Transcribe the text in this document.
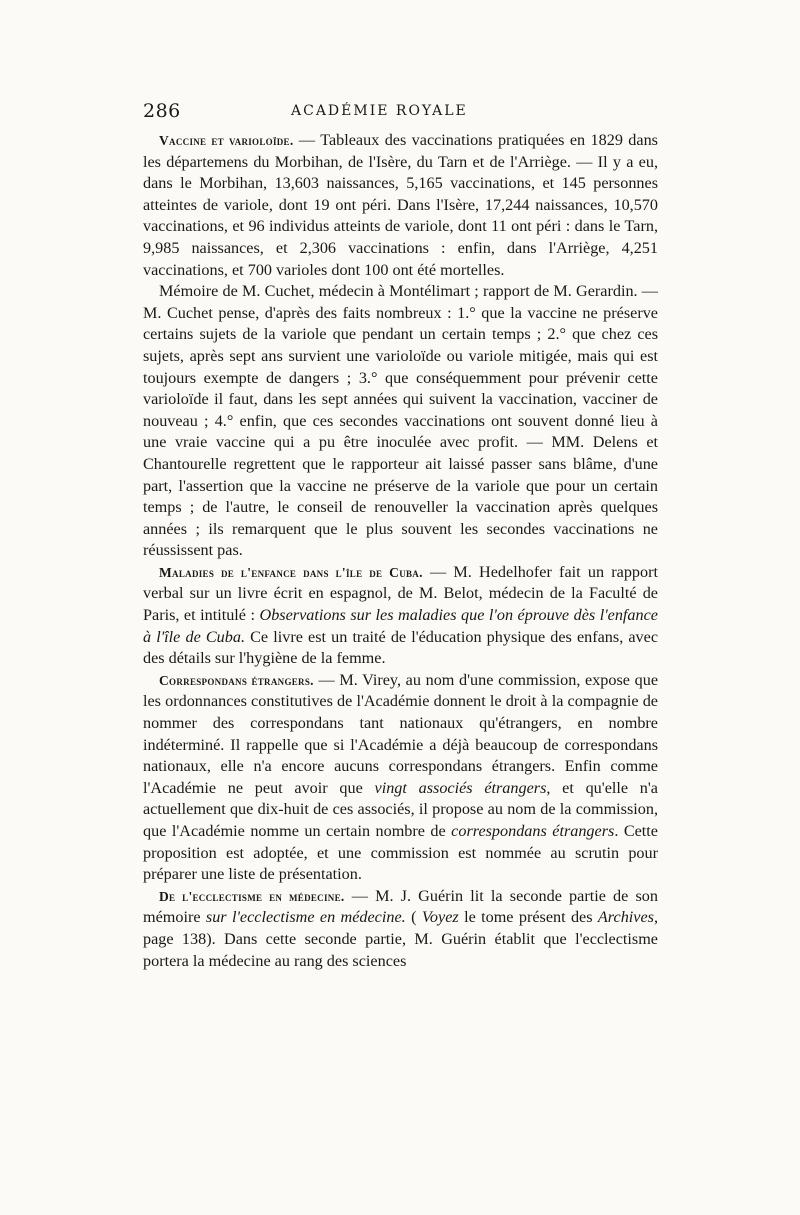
286	ACADÉMIE ROYALE

Vaccine et varioloïde. — Tableaux des vaccinations pratiquées en 1829 dans les départemens du Morbihan, de l'Isère, du Tarn et de l'Arriège. — Il y a eu, dans le Morbihan, 13,603 naissances, 5,165 vaccinations, et 145 personnes atteintes de variole, dont 19 ont péri. Dans l'Isère, 17,244 naissances, 10,570 vaccinations, et 96 individus atteints de variole, dont 11 ont péri : dans le Tarn, 9,985 naissances, et 2,306 vaccinations : enfin, dans l'Arriège, 4,251 vaccinations, et 700 varioles dont 100 ont été mortelles.

Mémoire de M. Cuchet, médecin à Montélimart ; rapport de M. Gerardin. — M. Cuchet pense, d'après des faits nombreux : 1.° que la vaccine ne préserve certains sujets de la variole que pendant un certain temps ; 2.° que chez ces sujets, après sept ans survient une varioloïde ou variole mitigée, mais qui est toujours exempte de dangers ; 3.° que conséquemment pour prévenir cette varioloïde il faut, dans les sept années qui suivent la vaccination, vacciner de nouveau ; 4.° enfin, que ces secondes vaccinations ont souvent donné lieu à une vraie vaccine qui a pu être inoculée avec profit. — MM. Delens et Chantourelle regrettent que le rapporteur ait laissé passer sans blâme, d'une part, l'assertion que la vaccine ne préserve de la variole que pour un certain temps ; de l'autre, le conseil de renouveller la vaccination après quelques années ; ils remarquent que le plus souvent les secondes vaccinations ne réussissent pas.

Maladies de l'enfance dans l'île de Cuba. — M. Hedelhofer fait un rapport verbal sur un livre écrit en espagnol, de M. Belot, médecin de la Faculté de Paris, et intitulé : Observations sur les maladies que l'on éprouve dès l'enfance à l'île de Cuba. Ce livre est un traité de l'éducation physique des enfans, avec des détails sur l'hygiène de la femme.

Correspondans étrangers. — M. Virey, au nom d'une commission, expose que les ordonnances constitutives de l'Académie donnent le droit à la compagnie de nommer des correspondans tant nationaux qu'étrangers, en nombre indéterminé. Il rappelle que si l'Académie a déjà beaucoup de correspondans nationaux, elle n'a encore aucuns correspondans étrangers. Enfin comme l'Académie ne peut avoir que vingt associés étrangers, et qu'elle n'a actuellement que dix-huit de ces associés, il propose au nom de la commission, que l'Académie nomme un certain nombre de correspondans étrangers. Cette proposition est adoptée, et une commission est nommée au scrutin pour préparer une liste de présentation.

De l'ecclectisme en médecine. — M. J. Guérin lit la seconde partie de son mémoire sur l'ecclectisme en médecine. ( Voyez le tome présent des Archives, page 138). Dans cette seconde partie, M. Guérin établit que l'ecclectisme portera la médecine au rang des sciences
